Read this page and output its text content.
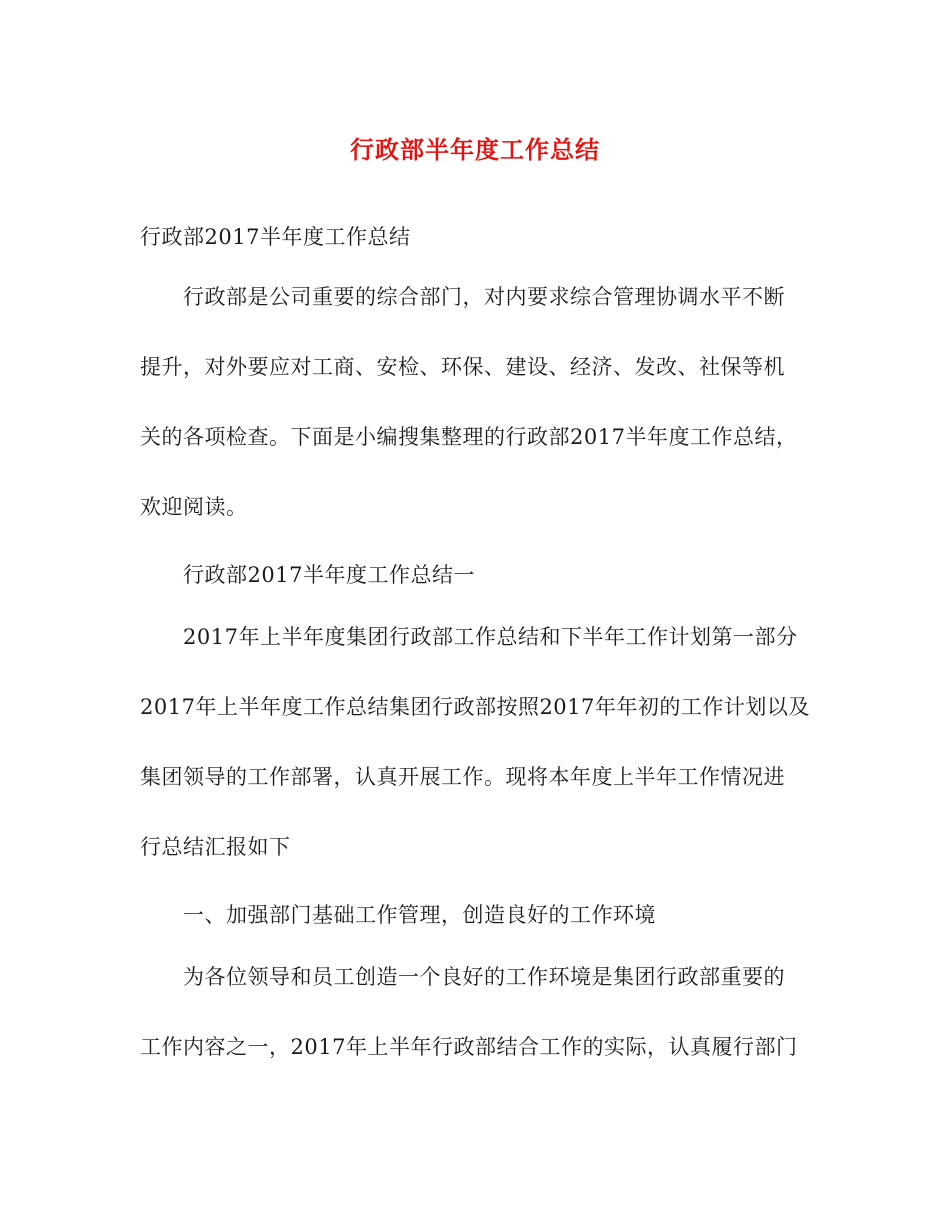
行政部半年度工作总结
行政部2017半年度工作总结
行政部是公司重要的综合部门，对内要求综合管理协调水平不断
提升，对外要应对工商、安检、环保、建设、经济、发改、社保等机
关的各项检查。下面是小编搜集整理的行政部2017半年度工作总结，
欢迎阅读。
行政部2017半年度工作总结一
2017年上半年度集团行政部工作总结和下半年工作计划第一部分
2017年上半年度工作总结集团行政部按照2017年年初的工作计划以及
集团领导的工作部署，认真开展工作。现将本年度上半年工作情况进
行总结汇报如下
一、加强部门基础工作管理，创造良好的工作环境
为各位领导和员工创造一个良好的工作环境是集团行政部重要的
工作内容之一，2017年上半年行政部结合工作的实际，认真履行部门
